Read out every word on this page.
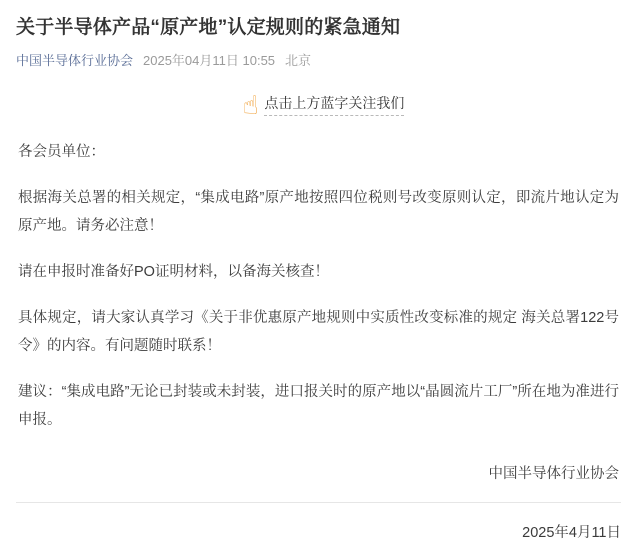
关于半导体产品“原产地”认定规则的紧急通知
中国半导体行业协会 2025年04月11日 10:55 北京
☝ 点击上方蓝字关注我们

各会员单位：

根据海关总署的相关规定，“集成电路”原产地按照四位税则号改变原则认定，即流片地认定为原产地。请务必注意！

请在申报时准备好PO证明材料，以备海关核查！

具体规定，请大家认真学习《关于非优惠原产地规则中实质性改变标准的规定 海关总署122号令》的内容。有问题随时联系！

建议：“集成电路”无论已封装或未封装，进口报关时的原产地以“晶圆流片工厂”所在地为准进行申报。

中国半导体行业协会

2025年4月11日
